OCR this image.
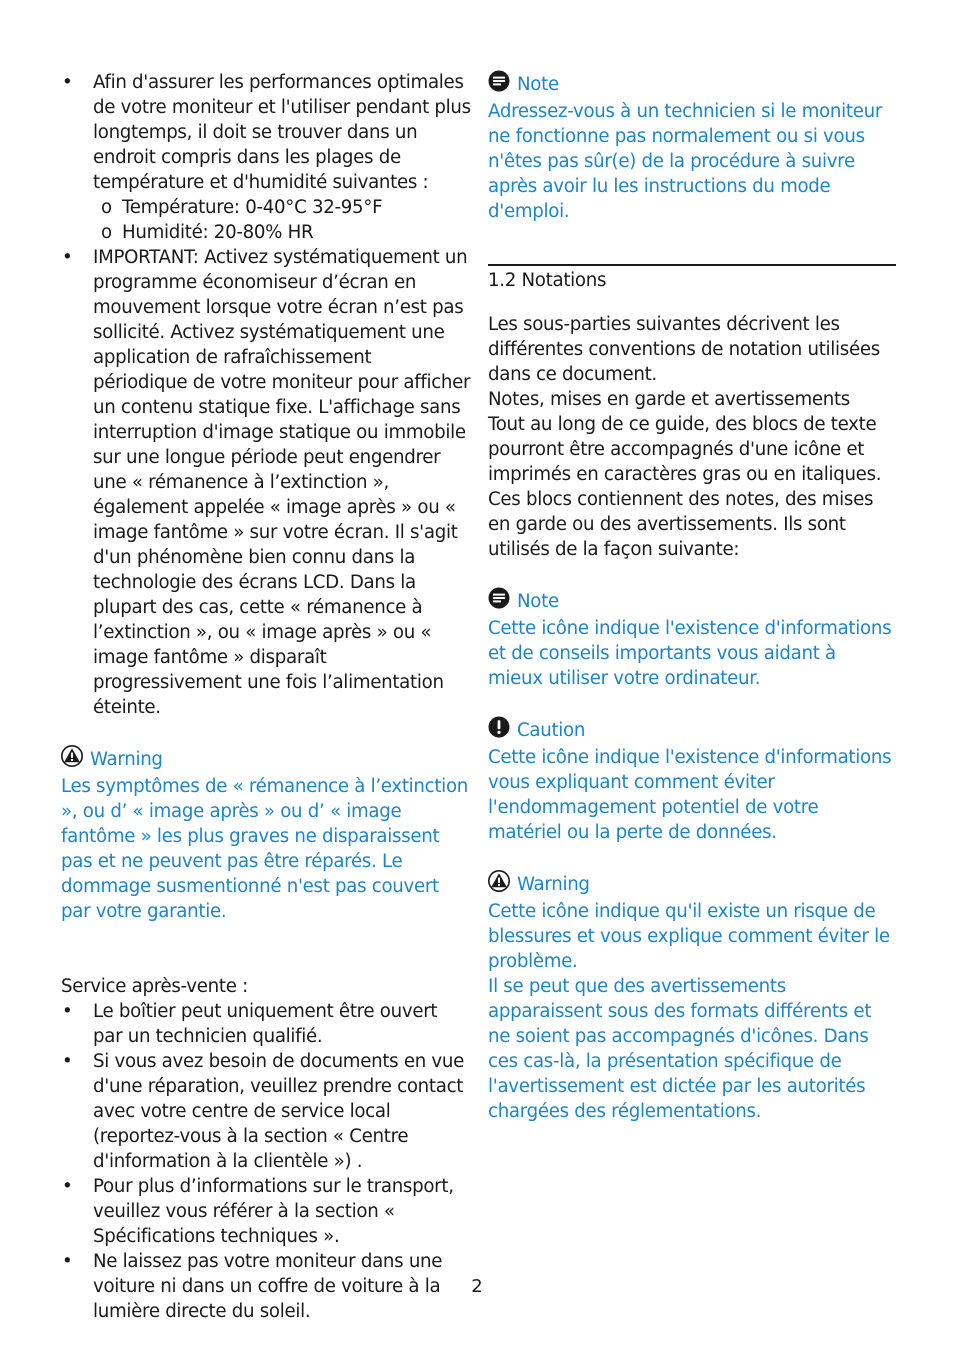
• Afin d'assurer les performances optimales de votre moniteur et l'utiliser pendant plus longtemps, il doit se trouver dans un endroit compris dans les plages de température et d'humidité suivantes :
o Température: 0-40°C 32-95°F
o Humidité: 20-80% HR
• IMPORTANT: Activez systématiquement un programme économiseur d’écran en mouvement lorsque votre écran n’est pas sollicité. Activez systématiquement une application de rafraîchissement périodique de votre moniteur pour afficher un contenu statique fixe. L'affichage sans interruption d'image statique ou immobile sur une longue période peut engendrer une « rémanence à l’extinction », également appelée « image après » ou « image fantôme » sur votre écran. Il s'agit d'un phénomène bien connu dans la technologie des écrans LCD. Dans la plupart des cas, cette « rémanence à l’extinction », ou « image après » ou « image fantôme » disparaît progressivement une fois l’alimentation éteinte.
Warning

Les symptômes de « rémanence à l’extinction », ou d’ « image après » ou d’ « image fantôme » les plus graves ne disparaissent pas et ne peuvent pas être réparés. Le dommage susmentionné n'est pas couvert par votre garantie.

Service après-vente :

• Le boîtier peut uniquement être ouvert par un technicien qualifié.
• Si vous avez besoin de documents en vue d'une réparation, veuillez prendre contact avec votre centre de service local (reportez-vous à la section « Centre d'information à la clientèle ») .
• Pour plus d’informations sur le transport, veuillez vous référer à la section « Spécifications techniques ».
• Ne laissez pas votre moniteur dans une voiture ni dans un coffre de voiture à la lumière directe du soleil.
Note

Adressez-vous à un technicien si le moniteur ne fonctionne pas normalement ou si vous n'êtes pas sûr(e) de la procédure à suivre après avoir lu les instructions du mode d'emploi.

1.2 Notations

Les sous-parties suivantes décrivent les différentes conventions de notation utilisées dans ce document.

Notes, mises en garde et avertissements

Tout au long de ce guide, des blocs de texte pourront être accompagnés d'une icône et imprimés en caractères gras ou en italiques. Ces blocs contiennent des notes, des mises en garde ou des avertissements. Ils sont utilisés de la façon suivante:

Note

Cette icône indique l'existence d'informations et de conseils importants vous aidant à mieux utiliser votre ordinateur.

Caution

Cette icône indique l'existence d'informations vous expliquant comment éviter l'endommagement potentiel de votre matériel ou la perte de données.

Warning

Cette icône indique qu'il existe un risque de blessures et vous explique comment éviter le problème.

Il se peut que des avertissements apparaissent sous des formats différents et ne soient pas accompagnés d'icônes. Dans ces cas-là, la présentation spécifique de l'avertissement est dictée par les autorités chargées des réglementations.

2
